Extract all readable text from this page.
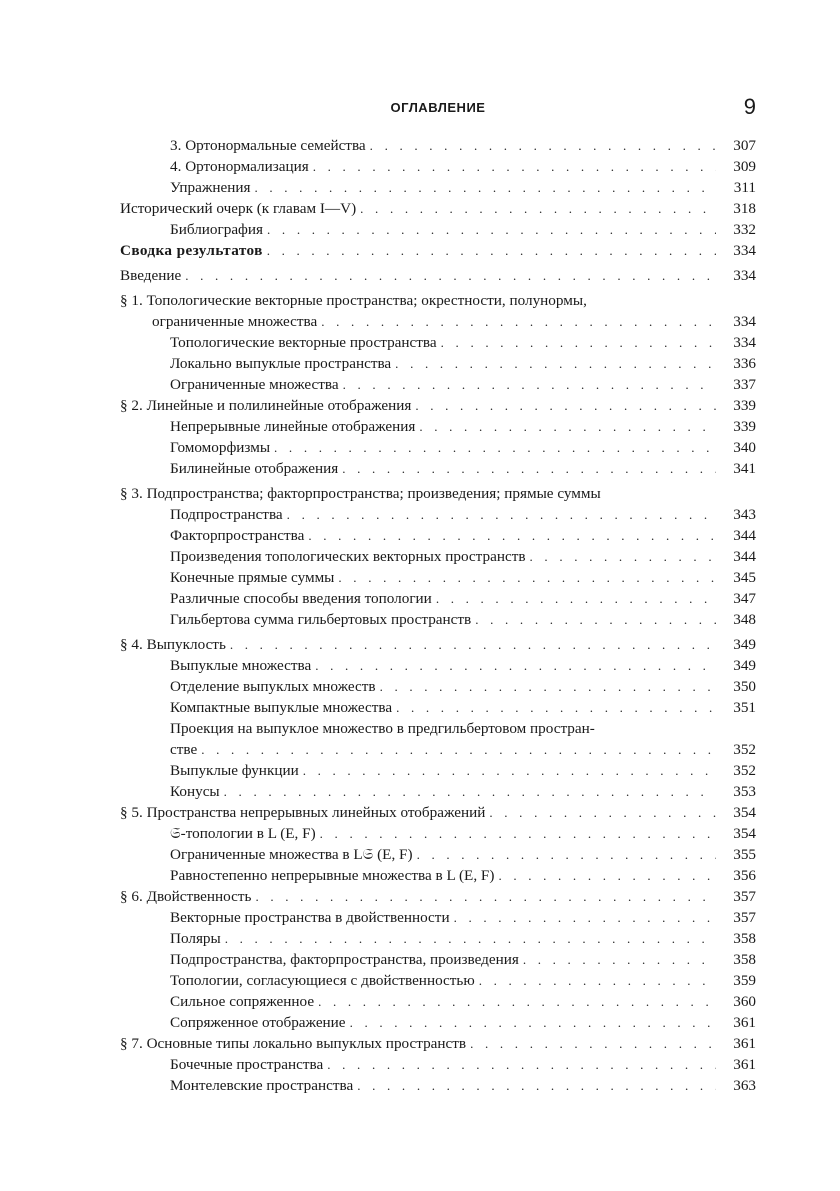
ОГЛАВЛЕНИЕ	9
3. Ортонормальные семейства . . .	307
4. Ортонормализация . . .	309
Упражнения . . .	311
Исторический очерк (к главам I—V) . . .	318
Библиография . . .	332
Сводка результатов . . .	334
Введение . . .	334
§ 1. Топологические векторные пространства; окрестности, полунормы,
ограниченные множества . . .	334
Топологические векторные пространства . . .	334
Локально выпуклые пространства . . .	336
Ограниченные множества . . .	337
§ 2. Линейные и полилинейные отображения . . .	339
Непрерывные линейные отображения . . .	339
Гомоморфизмы . . .	340
Билинейные отображения . . .	341
§ 3. Подпространства; факторпространства; произведения; прямые суммы
Подпространства . . .	343
Факторпространства . . .	344
Произведения топологических векторных пространств . . .	344
Конечные прямые суммы . . .	345
Различные способы введения топологии . . .	347
Гильбертова сумма гильбертовых пространств . . .	348
§ 4. Выпуклость . . .	349
Выпуклые множества . . .	349
Отделение выпуклых множеств . . .	350
Компактные выпуклые множества . . .	351
Проекция на выпуклое множество в предгильбертовом простран-
стве . . .	352
Выпуклые функции . . .	352
Конусы . . .	353
§ 5. Пространства непрерывных линейных отображений . . .	354
𝔖-топологии в L (E, F) . . .	354
Ограниченные множества в L𝔖 (E, F) . . .	355
Равностепенно непрерывные множества в L (E, F) . . .	356
§ 6. Двойственность . . .	357
Векторные пространства в двойственности . . .	357
Поляры . . .	358
Подпространства, факторпространства, произведения . . .	358
Топологии, согласующиеся с двойственностью . . .	359
Сильное сопряженное . . .	360
Сопряженное отображение . . .	361
§ 7. Основные типы локально выпуклых пространств . . .	361
Бочечные пространства . . .	361
Монтелевские пространства . . .	363
